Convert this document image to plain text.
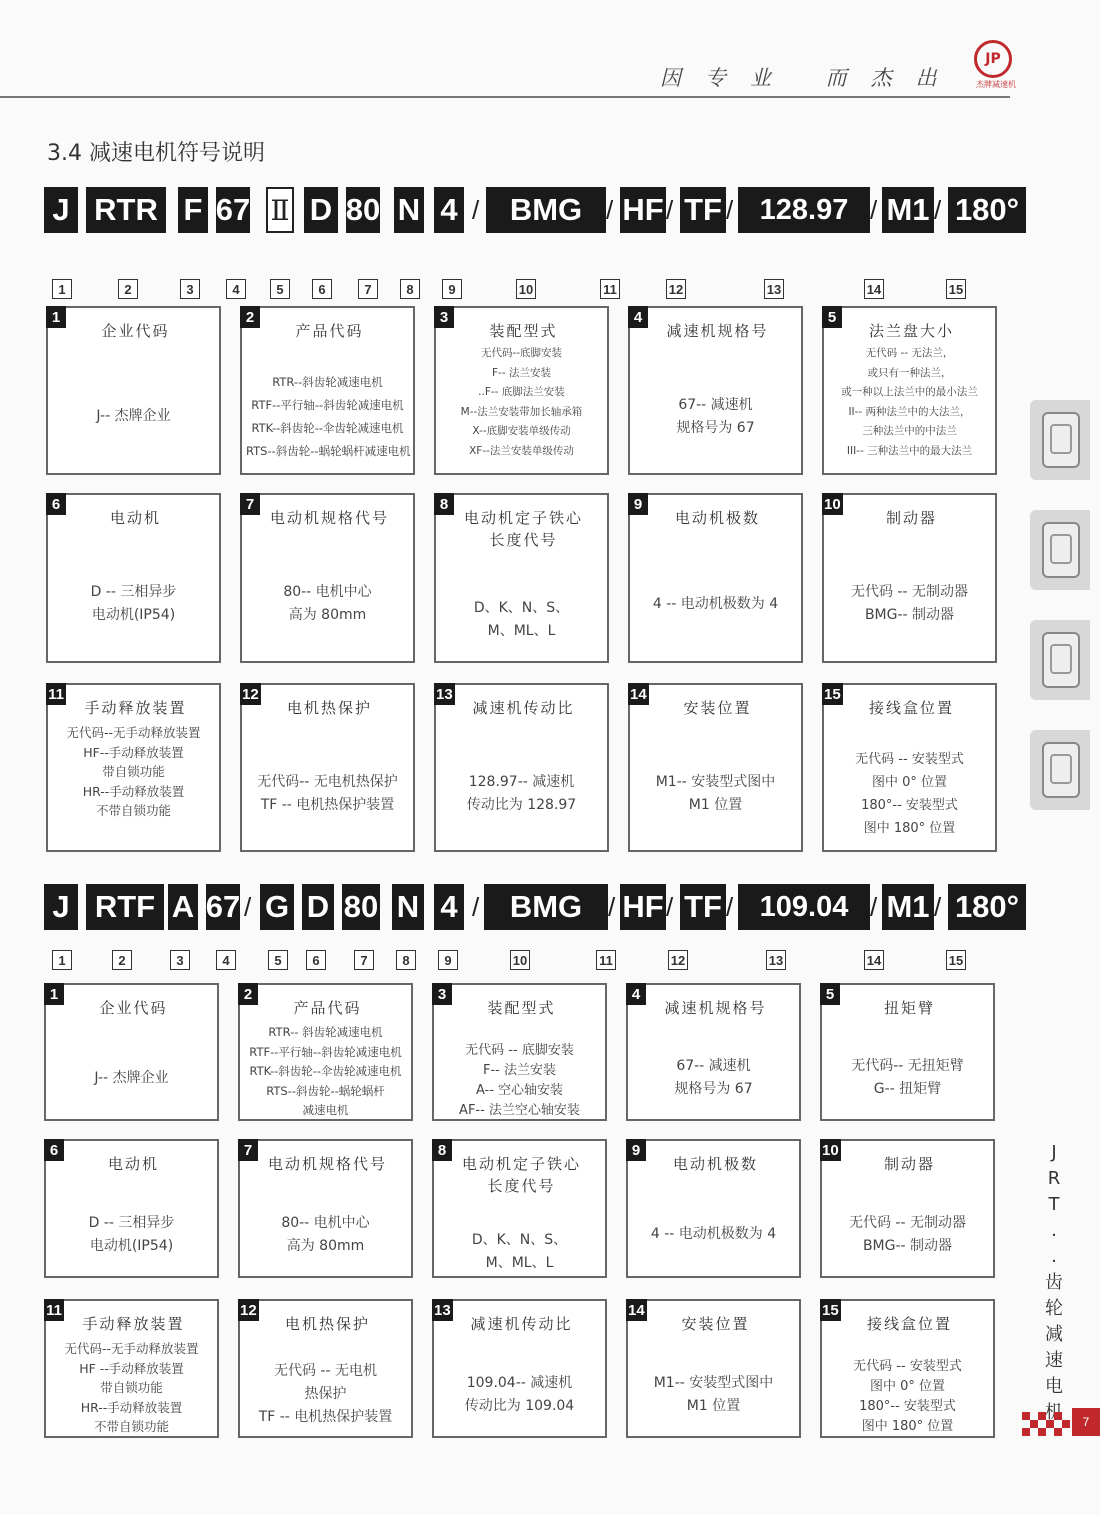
因专业 而杰出
JP
杰牌减速机
3.4 减速电机符号说明
J RTR F 67 Ⅱ D 80 N 4 / BMG / HF / TF / 128.97 / M1 / 180°
1	2	3	4	5	6	7	8	9	10	11	12	13	14	15
1
企业代码
J-- 杰牌企业
2
产品代码
RTR--斜齿轮减速电机
RTF--平行轴--斜齿轮减速电机
RTK--斜齿轮--伞齿轮减速电机
RTS--斜齿轮--蜗轮蜗杆减速电机
3
装配型式
无代码--底脚安装
F-- 法兰安装
..F-- 底脚法兰安装
M--法兰安装带加长轴承箱
X--底脚安装单级传动
XF--法兰安装单级传动
4
减速机规格号
67-- 减速机
规格号为 67
5
法兰盘大小
无代码 -- 无法兰，
或只有一种法兰，
或一种以上法兰中的最小法兰
II-- 两种法兰中的大法兰，
三种法兰中的中法兰
III-- 三种法兰中的最大法兰
6
电动机
D -- 三相异步
电动机(IP54)
7
电动机规格代号
80-- 电机中心
高为 80mm
8
电动机定子铁心
长度代号
D、K、N、S、
M、ML、L
9
电动机极数
4 -- 电动机极数为 4
10
制动器
无代码 -- 无制动器
BMG-- 制动器
11
手动释放装置
无代码--无手动释放装置
HF--手动释放装置
带自锁功能
HR--手动释放装置
不带自锁功能
12
电机热保护
无代码-- 无电机热保护
TF -- 电机热保护装置
13
减速机传动比
128.97-- 减速机
传动比为 128.97
14
安装位置
M1-- 安装型式图中
M1 位置
15
接线盒位置
无代码 -- 安装型式
图中 0° 位置
180°-- 安装型式
图中 180° 位置
J RTF A 67 / G D 80 N 4 / BMG / HF / TF / 109.04 / M1 / 180°
1	2	3	4	5	6	7	8	9	10	11	12	13	14	15
1
企业代码
J-- 杰牌企业
2
产品代码
RTR-- 斜齿轮减速电机
RTF--平行轴--斜齿轮减速电机
RTK--斜齿轮--伞齿轮减速电机
RTS--斜齿轮--蜗轮蜗杆
减速电机
3
装配型式
无代码 -- 底脚安装
F-- 法兰安装
A-- 空心轴安装
AF-- 法兰空心轴安装
4
减速机规格号
67-- 减速机
规格号为 67
5
扭矩臂
无代码-- 无扭矩臂
G-- 扭矩臂
6
电动机
D -- 三相异步
电动机(IP54)
7
电动机规格代号
80-- 电机中心
高为 80mm
8
电动机定子铁心
长度代号
D、K、N、S、
M、ML、L
9
电动机极数
4 -- 电动机极数为 4
10
制动器
无代码 -- 无制动器
BMG-- 制动器
11
手动释放装置
无代码--无手动释放装置
HF --手动释放装置
带自锁功能
HR--手动释放装置
不带自锁功能
12
电机热保护
无代码 -- 无电机
热保护
TF -- 电机热保护装置
13
减速机传动比
109.04-- 减速机
传动比为 109.04
14
安装位置
M1-- 安装型式图中
M1 位置
15
接线盒位置
无代码 -- 安装型式
图中 0° 位置
180°-- 安装型式
图中 180° 位置
J
R
T
.
.
齿
轮
减
速
电
7
